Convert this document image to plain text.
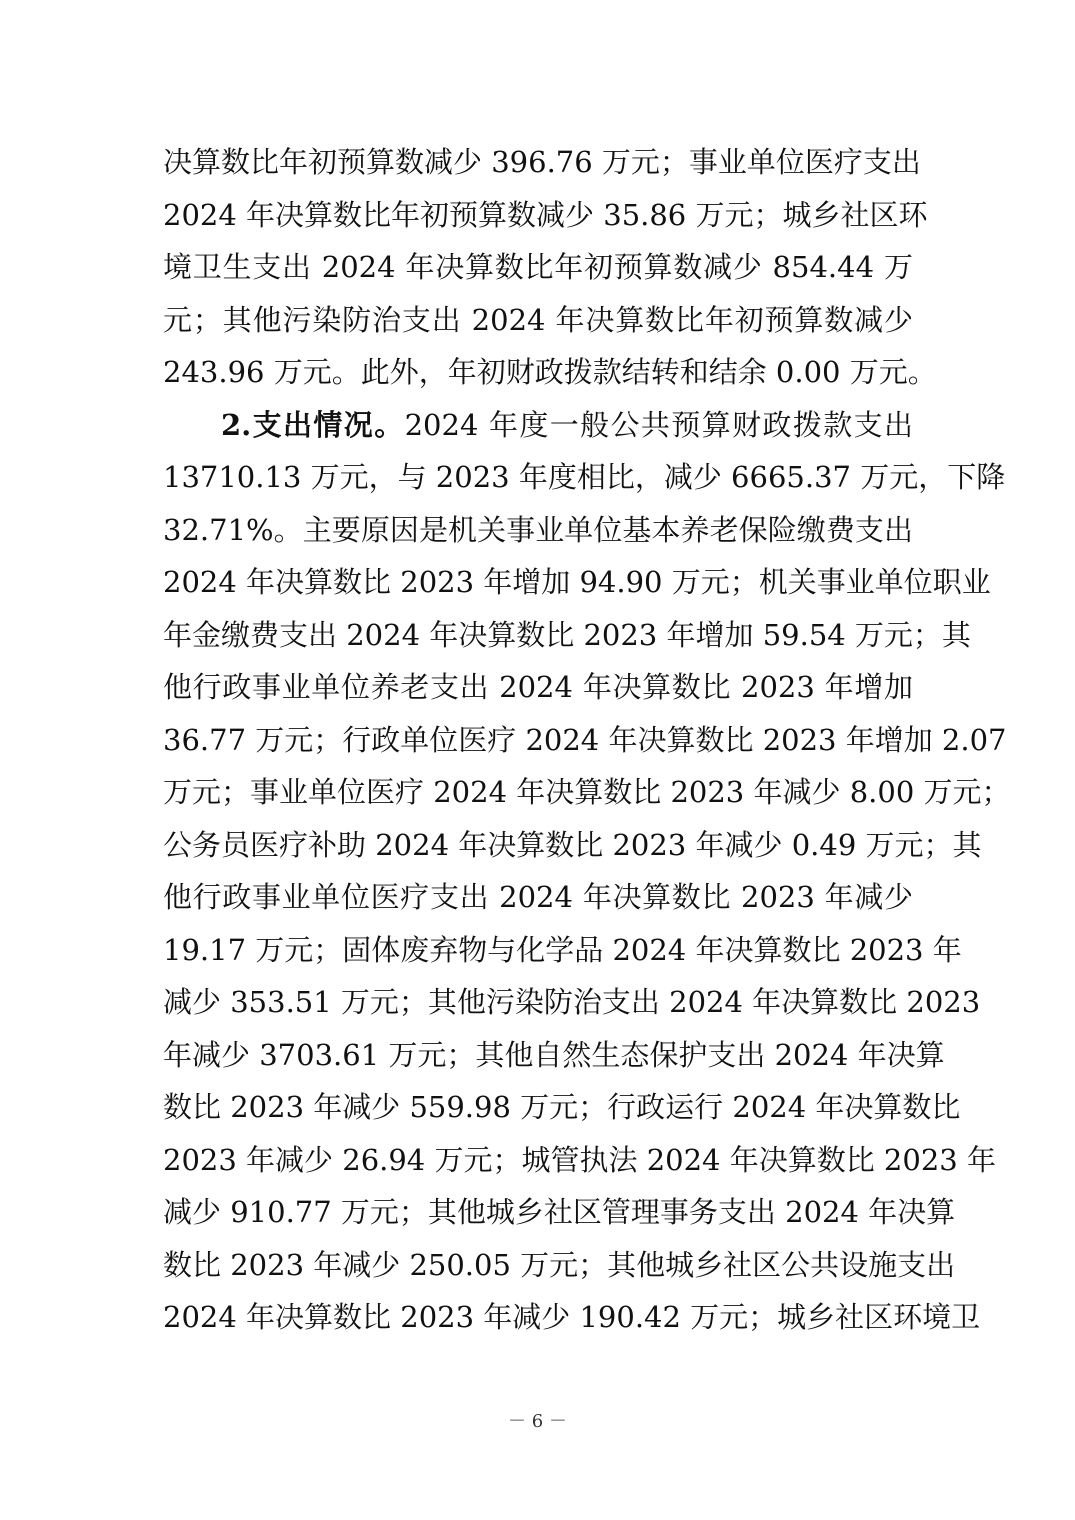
决算数比年初预算数减少 396.76 万元；事业单位医疗支出
2024 年决算数比年初预算数减少 35.86 万元；城乡社区环
境卫生支出 2024 年决算数比年初预算数减少 854.44 万
元；其他污染防治支出 2024 年决算数比年初预算数减少
243.96 万元。此外，年初财政拨款结转和结余 0.00 万元。
2.支出情况。2024 年度一般公共预算财政拨款支出
13710.13 万元，与 2023 年度相比，减少 6665.37 万元，下降
32.71%。主要原因是机关事业单位基本养老保险缴费支出
2024 年决算数比 2023 年增加 94.90 万元；机关事业单位职业
年金缴费支出 2024 年决算数比 2023 年增加 59.54 万元；其
他行政事业单位养老支出 2024 年决算数比 2023 年增加
36.77 万元；行政单位医疗 2024 年决算数比 2023 年增加 2.07
万元；事业单位医疗 2024 年决算数比 2023 年减少 8.00 万元；
公务员医疗补助 2024 年决算数比 2023 年减少 0.49 万元；其
他行政事业单位医疗支出 2024 年决算数比 2023 年减少
19.17 万元；固体废弃物与化学品 2024 年决算数比 2023 年
减少 353.51 万元；其他污染防治支出 2024 年决算数比 2023
年减少 3703.61 万元；其他自然生态保护支出 2024 年决算
数比 2023 年减少 559.98 万元；行政运行 2024 年决算数比
2023 年减少 26.94 万元；城管执法 2024 年决算数比 2023 年
减少 910.77 万元；其他城乡社区管理事务支出 2024 年决算
数比 2023 年减少 250.05 万元；其他城乡社区公共设施支出
2024 年决算数比 2023 年减少 190.42 万元；城乡社区环境卫
－ 6 －
